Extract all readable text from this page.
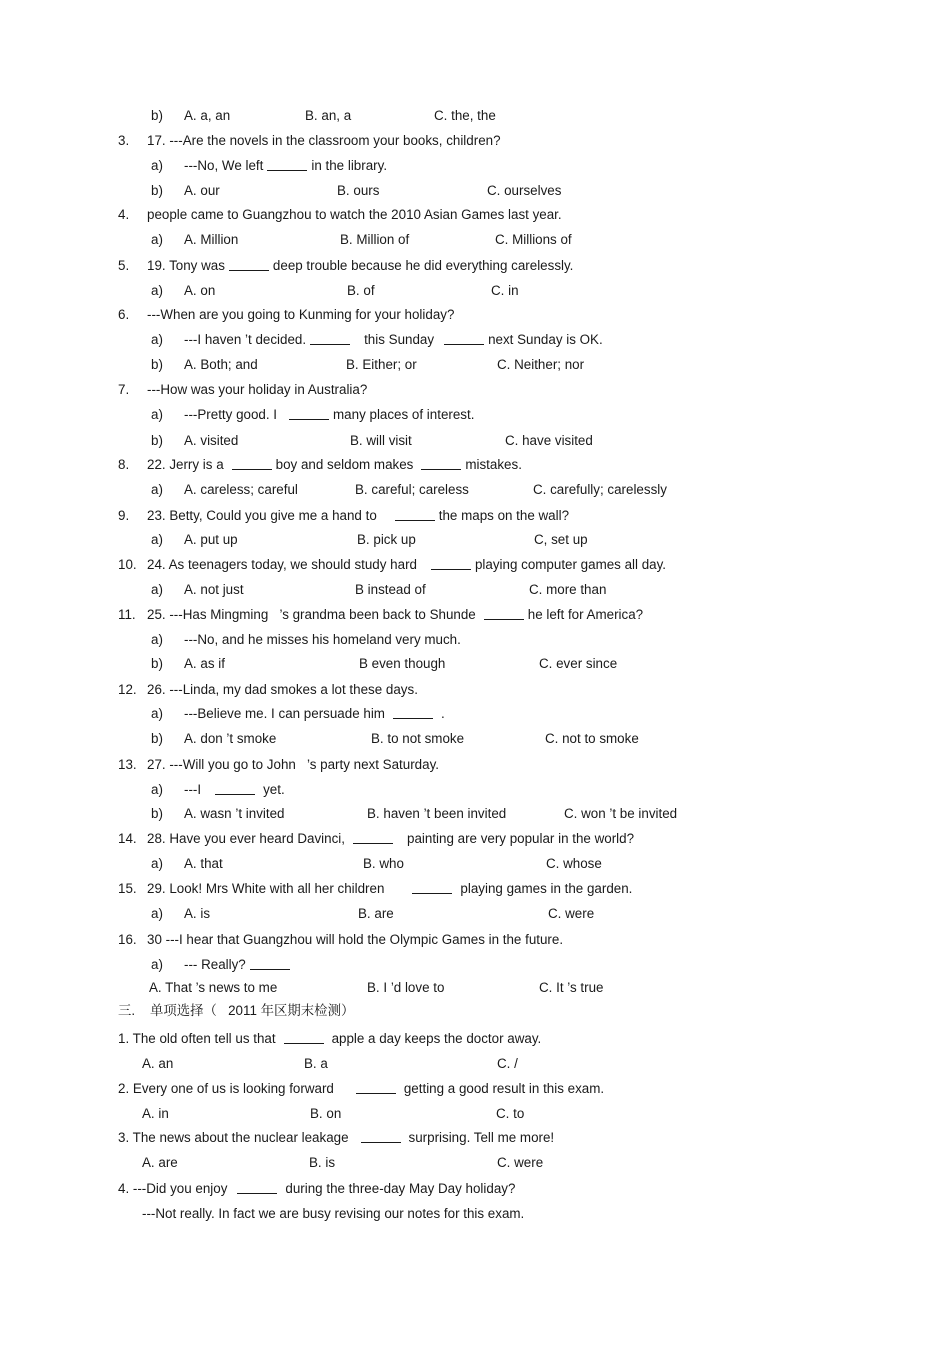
b) A. a, an	B. an, a	C. the, the
3. 17. ---Are the novels in the classroom your books, children?
a) ---No, We left	in the library.
b) A. our	B. ours	C. ourselves
4. people came to Guangzhou to watch the 2010 Asian Games last year.
a) A. Million	B. Million of	C. Millions of
5. 19. Tony was	deep trouble because he did everything carelessly.
a) A. on	B. of	C. in
6. ---When are you going to Kunming for your holiday?
a) ---I haven ’t decided.	this Sunday	next Sunday is OK.
b) A. Both; and	B. Either; or	C. Neither; nor
7. ---How was your holiday in Australia?
a) ---Pretty good. I	many places of interest.
b) A. visited	B. will visit	C. have visited
8. 22. Jerry is a	boy and seldom makes	mistakes.
a) A. careless; careful	B. careful; careless	C. carefully; carelessly
9. 23. Betty, Could you give me a hand to	the maps on the wall?
a) A. put up	B. pick up	C, set up
10. 24. As teenagers today, we should study hard	playing computer games all day.
a) A. not just	B instead of	C. more than
11. 25. ---Has Mingming   ’s grandma been back to Shunde	he left for America?
a) ---No, and he misses his homeland very much.
b) A. as if	B even though	C. ever since
12. 26. ---Linda, my dad smokes a lot these days.
a) ---Believe me. I can persuade him	.
b) A. don ’t smoke	B. to not smoke	C. not to smoke
13. 27. ---Will you go to John   ’s party next Saturday.
a) ---I	yet.
b) A. wasn ’t invited	B. haven ’t been invited	C. won ’t be invited
14. 28. Have you ever heard Davinci,	painting are very popular in the world?
a) A. that	B. who	C. whose
15. 29. Look! Mrs White with all her children	playing games in the garden.
a) A. is	B. are	C. were
16. 30 ---I hear that Guangzhou will hold the Olympic Games in the future.
a) --- Really?
A. That ’s news to me	B. I ’d love to	C. It ’s true
三.    单项选择（   2011 年区期末检测）
1. The old often tell us that	apple a day keeps the doctor away.
A. an	B. a	C. /
2. Every one of us is looking forward	getting a good result in this exam.
A. in	B. on	C. to
3. The news about the nuclear leakage	surprising. Tell me more!
A. are	B. is	C. were
4. ---Did you enjoy	during the three-day May Day holiday?
---Not really. In fact we are busy revising our notes for this exam.
